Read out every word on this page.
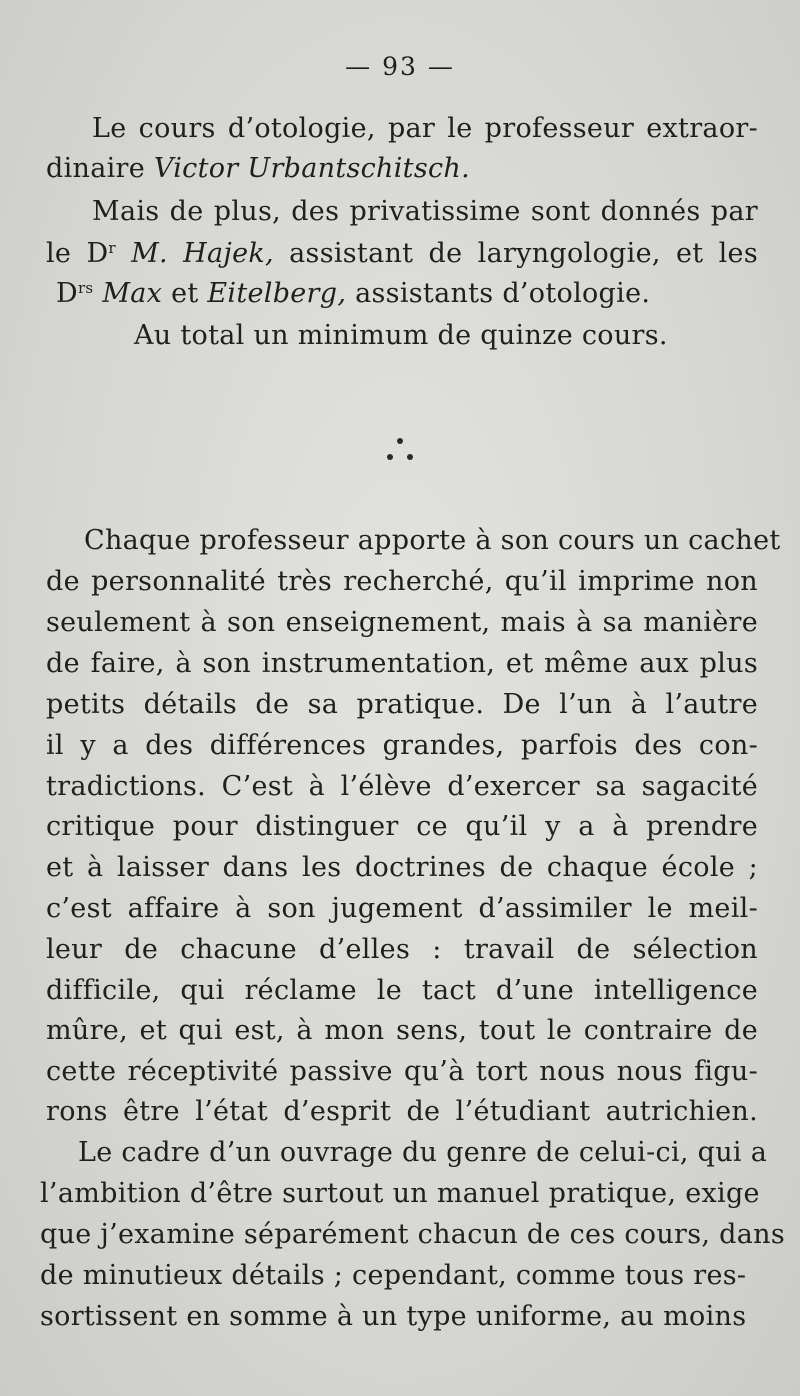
— 93 —
Le cours d’otologie, par le professeur extraor-
dinaire Victor Urbantschitsch.
Mais de plus, des privatissime sont donnés par
le $D^r$ M. Hajek, assistant de laryngologie, et les
$D^{rs}$ Max et Eitelberg, assistants d’otologie.
Au total un minimum de quinze cours.
Chaque professeur apporte à son cours un cachet
de personnalité très recherché, qu’il imprime non
seulement à son enseignement, mais à sa manière
de faire, à son instrumentation, et même aux plus
petits détails de sa pratique. De l’un à l’autre
il y a des différences grandes, parfois des con-
tradictions. C’est à l’élève d’exercer sa sagacité
critique pour distinguer ce qu’il y a à prendre
et à laisser dans les doctrines de chaque école ;
c’est affaire à son jugement d’assimiler le meil-
leur de chacune d’elles : travail de sélection
difficile, qui réclame le tact d’une intelligence
mûre, et qui est, à mon sens, tout le contraire de
cette réceptivité passive qu’à tort nous nous figu-
rons être l’état d’esprit de l’étudiant autrichien.
Le cadre d’un ouvrage du genre de celui-ci, qui a
l’ambition d’être surtout un manuel pratique, exige
que j’examine séparément chacun de ces cours, dans
de minutieux détails ; cependant, comme tous res-
sortissent en somme à un type uniforme, au moins
